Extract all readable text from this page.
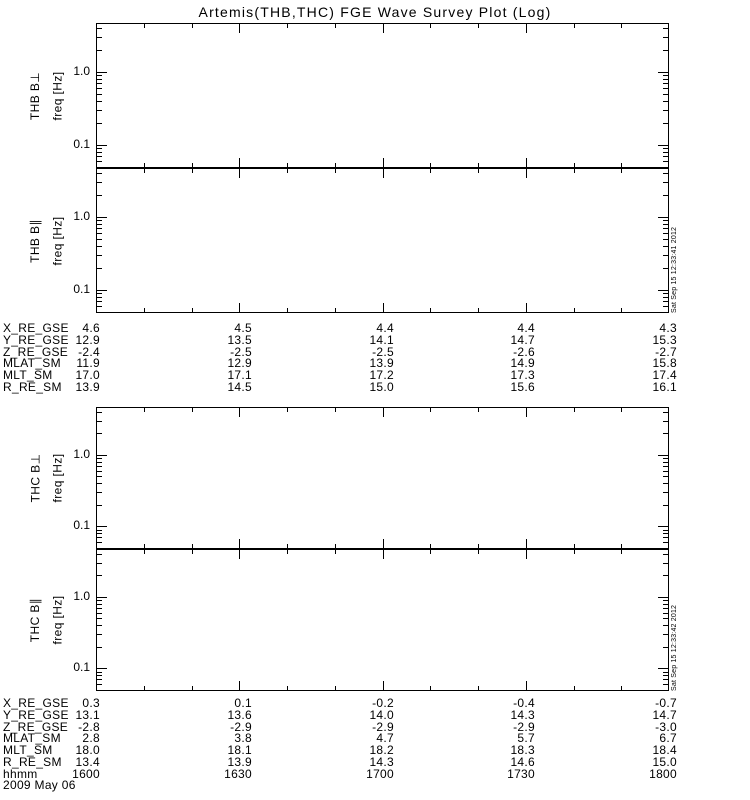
Artemis(THB,THC) FGE Wave Survey Plot (Log)
1.0
0.1
THB B⊥ freq [Hz]
1.0
0.1
THB B∥ freq [Hz]	Sat Sep 15 12:33:41 2012
1.0
0.1
THC B⊥ freq [Hz]
1.0
0.1
THC B∥ freq [Hz]	Sat Sep 15 12:33:42 2012
X_RE_GSE	4.6	4.5	4.4	4.4	4.3
Y_RE_GSE 12.9	13.5	14.1	14.7	15.3
Z_RE_GSE -2.4	-2.5	-2.5	-2.6	-2.7
MLAT_SM	11.9	12.9	13.9	14.9	15.8
MLT_SM	17.0	17.1	17.2	17.3	17.4
R_RE_SM	13.9	14.5	15.0	15.6	16.1
X_RE_GSE	0.3	0.1	-0.2	-0.4	-0.7
Y_RE_GSE 13.1	13.6	14.0	14.3	14.7
Z_RE_GSE -2.8	-2.9	-2.9	-2.9	-3.0
MLAT_SM	2.8	3.8	4.7	5.7	6.7
MLT_SM	18.0	18.1	18.2	18.3	18.4
R_RE_SM	13.4	13.9	14.3	14.6	15.0
hhmm	1600	1630	1700	1730	1800
2009 May 06
